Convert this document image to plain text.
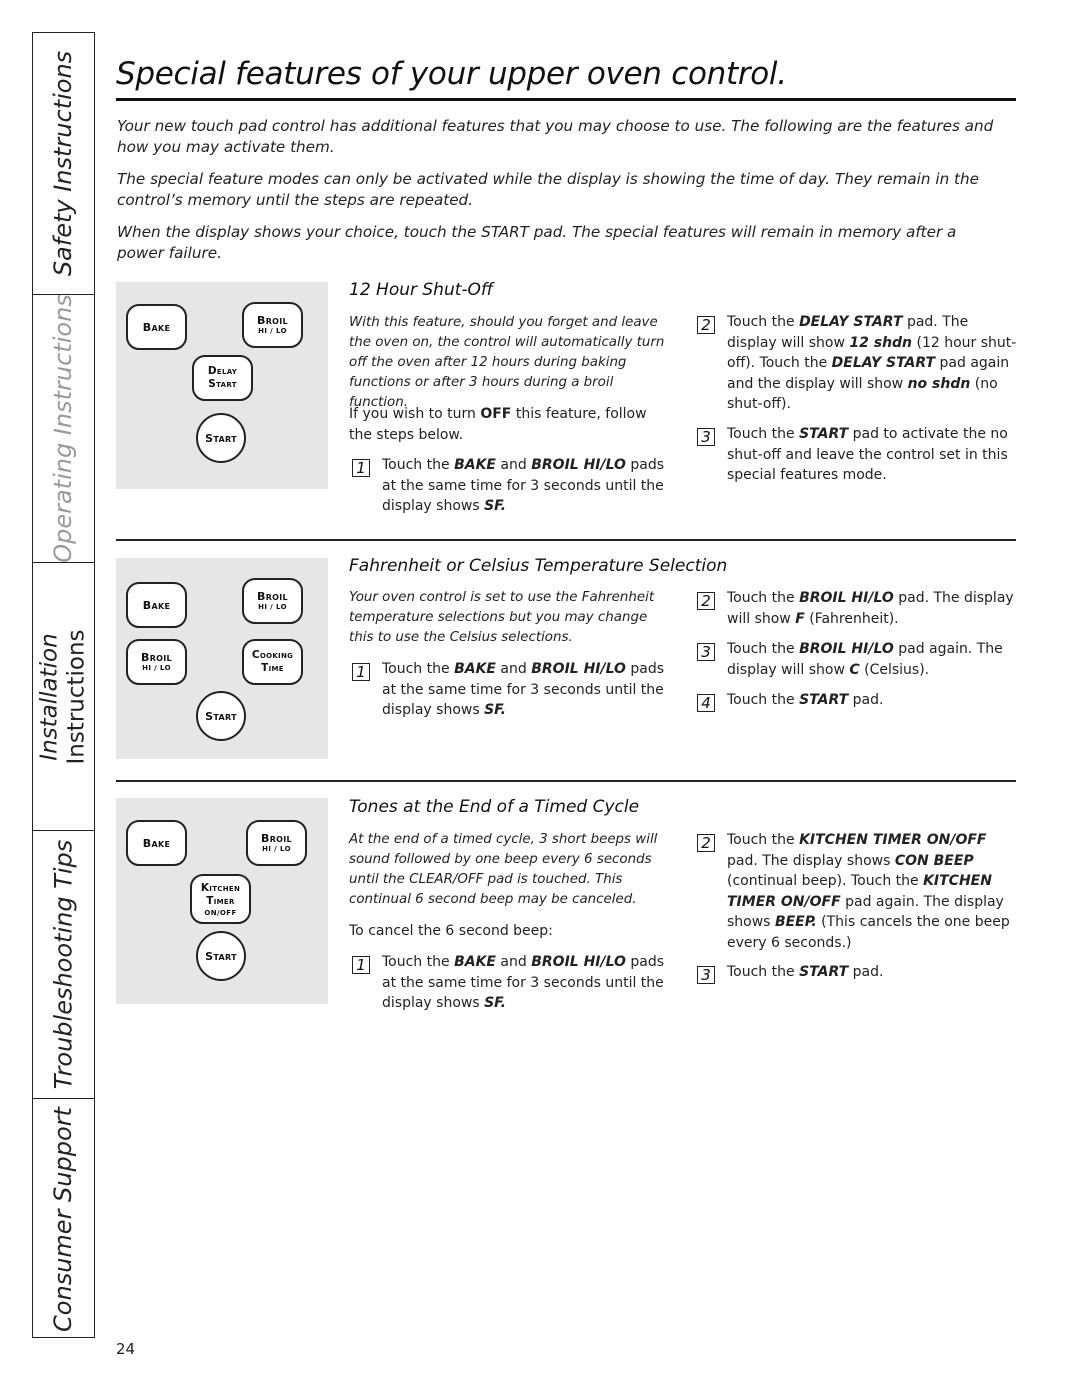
Safety Instructions
Operating Instructions
Installation Instructions
Troubleshooting Tips
Consumer Support
Special features of your upper oven control.

Your new touch pad control has additional features that you may choose to use. The following are the features and how you may activate them.

The special feature modes can only be activated while the display is showing the time of day. They remain in the control’s memory until the steps are repeated.

When the display shows your choice, touch the START pad. The special features will remain in memory after a power failure.

Bake	Broil
HI / LO
Delay
Start
Start
12 Hour Shut-Off

With this feature, should you forget and leave the oven on, the control will automatically turn off the oven after 12 hours during baking functions or after 3 hours during a broil function.

If you wish to turn OFF this feature, follow the steps below.

1	Touch the BAKE and BROIL HI/LO pads at the same time for 3 seconds until the display shows SF.
2	Touch the DELAY START pad. The display will show 12 shdn (12 hour shut-off). Touch the DELAY START pad again and the display will show no shdn (no shut-off).
3	Touch the START pad to activate the no shut-off and leave the control set in this special features mode.
Bake
Broil
HI / LO
Broil
HI / LO
Cooking
Time
Start
Fahrenheit or Celsius Temperature Selection

Your oven control is set to use the Fahrenheit temperature selections but you may change this to use the Celsius selections.

1	Touch the BAKE and BROIL HI/LO pads at the same time for 3 seconds until the display shows SF.
2	Touch the BROIL HI/LO pad. The display will show F (Fahrenheit).
3	Touch the BROIL HI/LO pad again. The display will show C (Celsius).
4	Touch the START pad.
Bake	Broil
HI / LO
Kitchen
Timer
ON/OFF
Start
Tones at the End of a Timed Cycle

At the end of a timed cycle, 3 short beeps will sound followed by one beep every 6 seconds until the CLEAR/OFF pad is touched. This continual 6 second beep may be canceled.

To cancel the 6 second beep:

1	Touch the BAKE and BROIL HI/LO pads at the same time for 3 seconds until the display shows SF.
2	Touch the KITCHEN TIMER ON/OFF pad. The display shows CON BEEP (continual beep). Touch the KITCHEN TIMER ON/OFF pad again. The display shows BEEP. (This cancels the one beep every 6 seconds.)
3	Touch the START pad.
24
